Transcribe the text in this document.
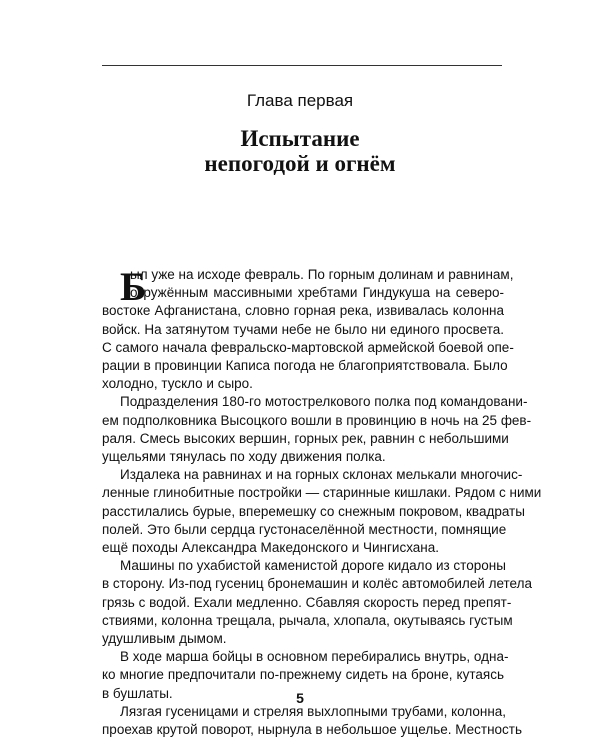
Глава первая
Испытание
непогодой и огнём
Б
ыл уже на исходе февраль. По горным долинам и равнинам,
окружённым массивными хребтами Гиндукуша на северо-
востоке Афганистана, словно горная река, извивалась колонна
войск. На затянутом тучами небе не было ни единого просвета.
С самого начала февральско-мартовской армейской боевой опе-
рации в провинции Каписа погода не благоприятствовала. Было
холодно, тускло и сыро.
Подразделения 180-го мотострелкового полка под командовани-
ем подполковника Высоцкого вошли в провинцию в ночь на 25 фев-
раля. Смесь высоких вершин, горных рек, равнин с небольшими
ущельями тянулась по ходу движения полка.
Издалека на равнинах и на горных склонах мелькали многочис-
ленные глинобитные постройки — старинные кишлаки. Рядом с ними
расстилались бурые, вперемешку со снежным покровом, квадраты
полей. Это были сердца густонаселённой местности, помнящие
ещё походы Александра Македонского и Чингисхана.
Машины по ухабистой каменистой дороге кидало из стороны
в сторону. Из-под гусениц бронемашин и колёс автомобилей летела
грязь с водой. Ехали медленно. Сбавляя скорость перед препят-
ствиями, колонна трещала, рычала, хлопала, окутываясь густым
удушливым дымом.
В ходе марша бойцы в основном перебирались внутрь, одна-
ко многие предпочитали по-прежнему сидеть на броне, кутаясь
в бушлаты.
Лязгая гусеницами и стреляя выхлопными трубами, колонна,
проехав крутой поворот, нырнула в небольшое ущелье. Местность
5
